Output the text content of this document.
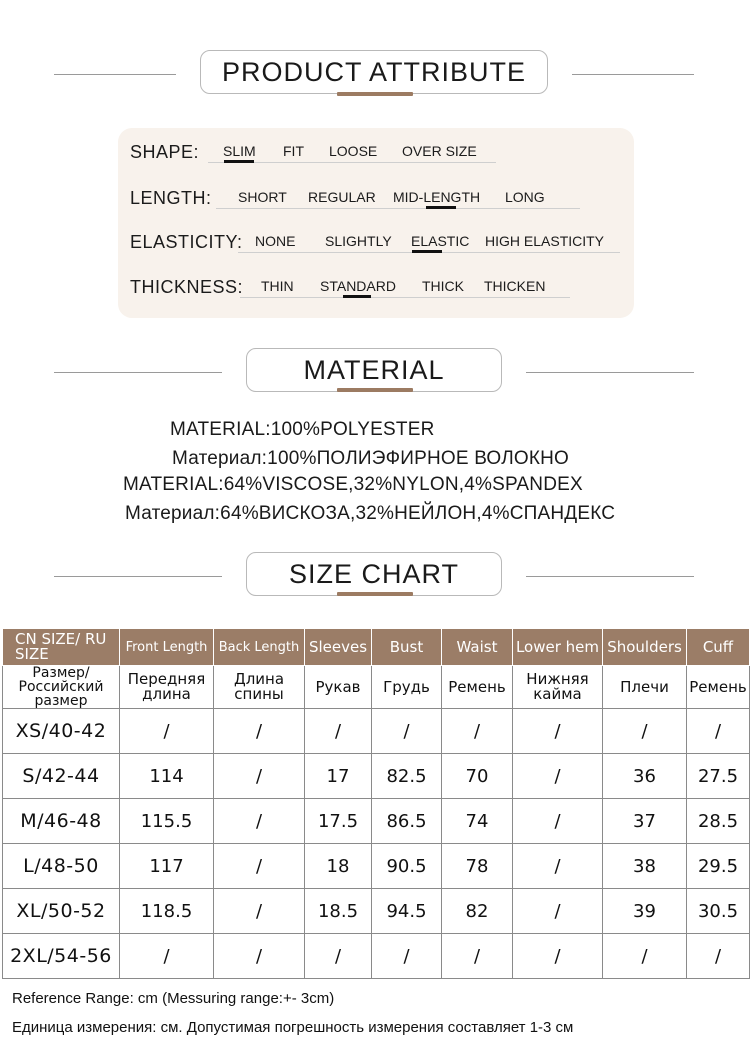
PRODUCT ATTRIBUTE
SHAPE: SLIM FIT LOOSE OVER SIZE
LENGTH: SHORT REGULAR MID-LENGTH LONG
ELASTICITY: NONE SLIGHTLY ELASTIC HIGH ELASTICITY
THICKNESS: THIN STANDARD THICK THICKEN
MATERIAL
MATERIAL:100%POLYESTER
Материал:100%ПОЛИЭФИРНОЕ ВОЛОКНО
MATERIAL:64%VISCOSE,32%NYLON,4%SPANDEX
Материал:64%ВИСКОЗА,32%НЕЙЛОН,4%СПАНДЕКС
SIZE CHART
CN SIZE/ RU SIZE	Front Length	Back Length	Sleeves	Bust	Waist	Lower hem	Shoulders	Cuff
Размер/ Российский размер	Передняя длина	Длина спины	Рукав	Грудь	Ремень	Нижняя кайма	Плечи	Ремень
XS/40-42	/	/	/	/	/	/	/	/
S/42-44	114	/	17	82.5	70	/	36	27.5
M/46-48	115.5	/	17.5	86.5	74	/	37	28.5
L/48-50	117	/	18	90.5	78	/	38	29.5
XL/50-52	118.5	/	18.5	94.5	82	/	39	30.5
2XL/54-56	/	/	/	/	/	/	/	/
Reference Range: cm (Messuring range:+- 3cm)
Единица измерения: см. Допустимая погрешность измерения составляет 1-3 см
